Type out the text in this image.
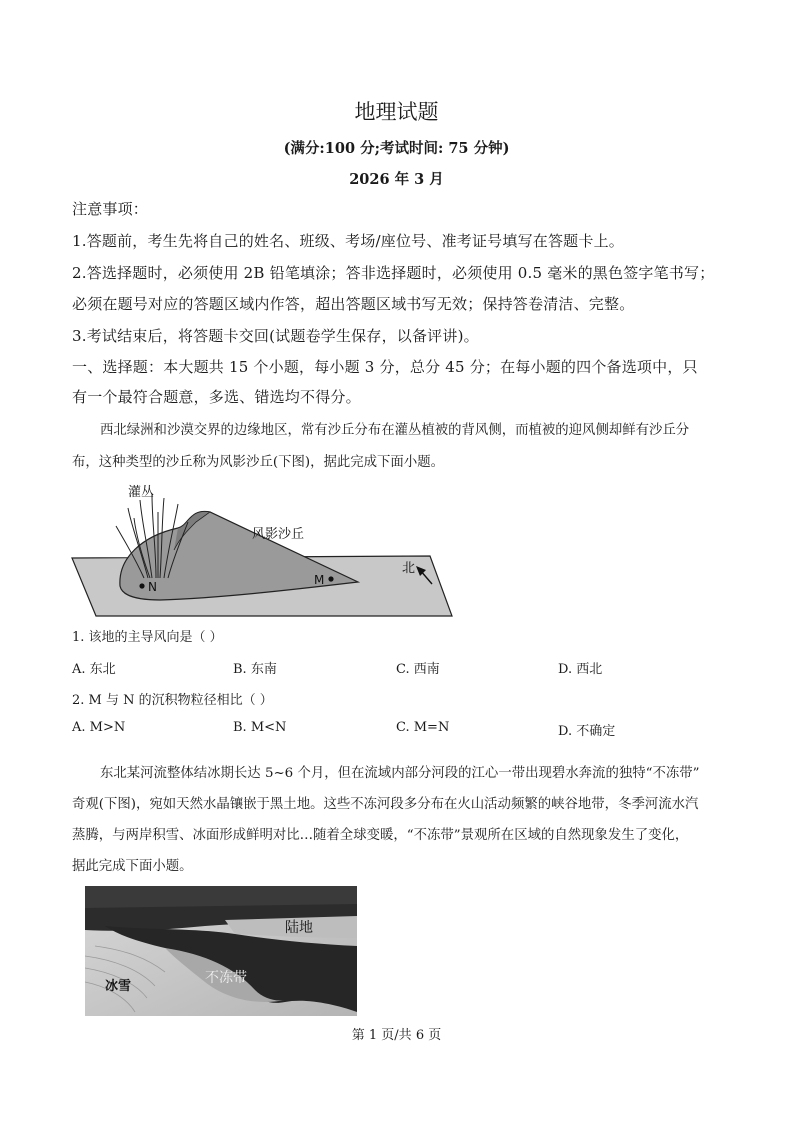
地理试题
(满分:100 分;考试时间: 75 分钟)
2026 年 3 月
注意事项：
1.答题前，考生先将自己的姓名、班级、考场/座位号、准考证号填写在答题卡上。
2.答选择题时，必须使用 2B 铅笔填涂；答非选择题时，必须使用 0.5 毫米的黑色签字笔书写；
必须在题号对应的答题区域内作答，超出答题区域书写无效；保持答卷清洁、完整。
3.考试结束后，将答题卡交回(试题卷学生保存，以备评讲)。
一、选择题：本大题共 15 个小题，每小题 3 分，总分 45 分；在每小题的四个备选项中，只
有一个最符合题意，多选、错选均不得分。
西北绿洲和沙漠交界的边缘地区，常有沙丘分布在灌丛植被的背风侧，而植被的迎风侧却鲜有沙丘分
布，这种类型的沙丘称为风影沙丘(下图)，据此完成下面小题。
灌丛
风影沙丘
N	M
北
1. 该地的主导风向是（ ）
A. 东北	B. 东南	C. 西南	D. 西北
2. M 与 N 的沉积物粒径相比（ ）
A. M>N	B. M<N	C. M=N	D. 不确定
东北某河流整体结冰期长达 5~6 个月，但在流域内部分河段的江心一带出现碧水奔流的独特“不冻带”
奇观(下图)，宛如天然水晶镶嵌于黑土地。这些不冻河段多分布在火山活动频繁的峡谷地带，冬季河流水汽
蒸腾，与两岸积雪、冰面形成鲜明对比…随着全球变暖，“不冻带”景观所在区域的自然现象发生了变化，
据此完成下面小题。
陆地
不冻带
冰雪
第 1 页/共 6 页
